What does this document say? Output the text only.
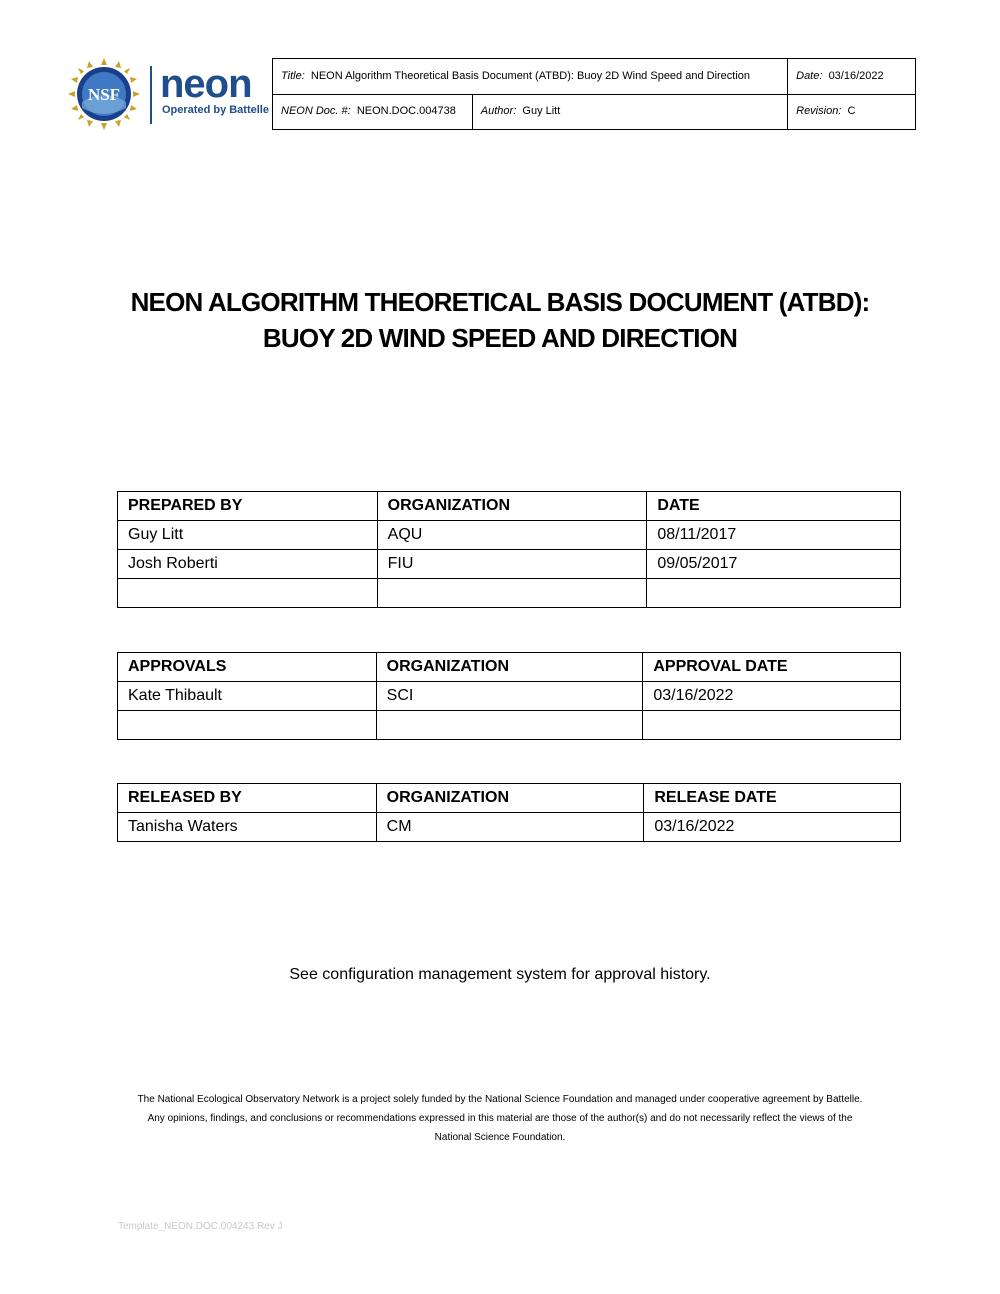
NSF neon
Operated by Battelle
Title: NEON Algorithm Theoretical Basis Document (ATBD): Buoy 2D Wind Speed and Direction		Date: 03/16/2022
NEON Doc. #: NEON.DOC.004738	Author: Guy Litt	Revision: C
NEON ALGORITHM THEORETICAL BASIS DOCUMENT (ATBD):
BUOY 2D WIND SPEED AND DIRECTION
PREPARED BY	ORGANIZATION	DATE
Guy Litt	AQU	08/11/2017
Josh Roberti	FIU	09/05/2017

APPROVALS	ORGANIZATION	APPROVAL DATE
Kate Thibault	SCI	03/16/2022

RELEASED BY	ORGANIZATION	RELEASE DATE
Tanisha Waters	CM	03/16/2022
See configuration management system for approval history.
The National Ecological Observatory Network is a project solely funded by the National Science Foundation and managed under cooperative agreement by Battelle.
Any opinions, findings, and conclusions or recommendations expressed in this material are those of the author(s) and do not necessarily reflect the views of the
National Science Foundation.
Template_NEON.DOC.004243 Rev J
